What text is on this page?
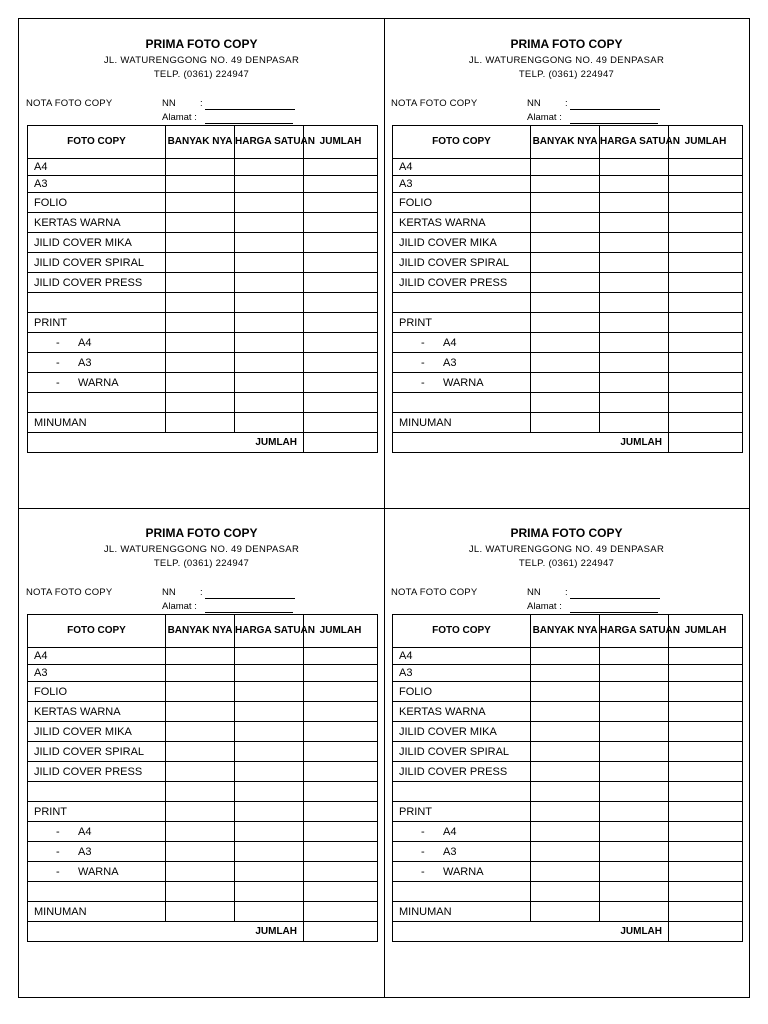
PRIMA FOTO COPY
JL. WATURENGGONG NO. 49 DENPASAR
TELP. (0361) 224947
NOTA FOTO COPY	NN	:
Alamat :
FOTO COPY	BANYAK NYA	HARGA SATUAN	JUMLAH
A4			
A3			
FOLIO			
KERTAS WARNA			
JILID COVER MIKA			
JILID COVER SPIRAL			
JILID COVER PRESS			

PRINT			
- A4			
- A3			
- WARNA			

MINUMAN			
JUMLAH			
PRIMA FOTO COPY
JL. WATURENGGONG NO. 49 DENPASAR
TELP. (0361) 224947
NOTA FOTO COPY	NN	:
Alamat :
FOTO COPY	BANYAK NYA	HARGA SATUAN	JUMLAH
A4			
A3			
FOLIO			
KERTAS WARNA			
JILID COVER MIKA			
JILID COVER SPIRAL			
JILID COVER PRESS			

PRINT			
- A4			
- A3			
- WARNA			

MINUMAN			
JUMLAH			
PRIMA FOTO COPY
JL. WATURENGGONG NO. 49 DENPASAR
TELP. (0361) 224947
NOTA FOTO COPY	NN	:
Alamat :
FOTO COPY	BANYAK NYA	HARGA SATUAN	JUMLAH
A4			
A3			
FOLIO			
KERTAS WARNA			
JILID COVER MIKA			
JILID COVER SPIRAL			
JILID COVER PRESS			

PRINT			
- A4			
- A3			
- WARNA			

MINUMAN			
JUMLAH			
PRIMA FOTO COPY
JL. WATURENGGONG NO. 49 DENPASAR
TELP. (0361) 224947
NOTA FOTO COPY	NN	:
Alamat :
FOTO COPY	BANYAK NYA	HARGA SATUAN	JUMLAH
A4			
A3			
FOLIO			
KERTAS WARNA			
JILID COVER MIKA			
JILID COVER SPIRAL			
JILID COVER PRESS			

PRINT			
- A4			
- A3			
- WARNA			

MINUMAN			
JUMLAH			
